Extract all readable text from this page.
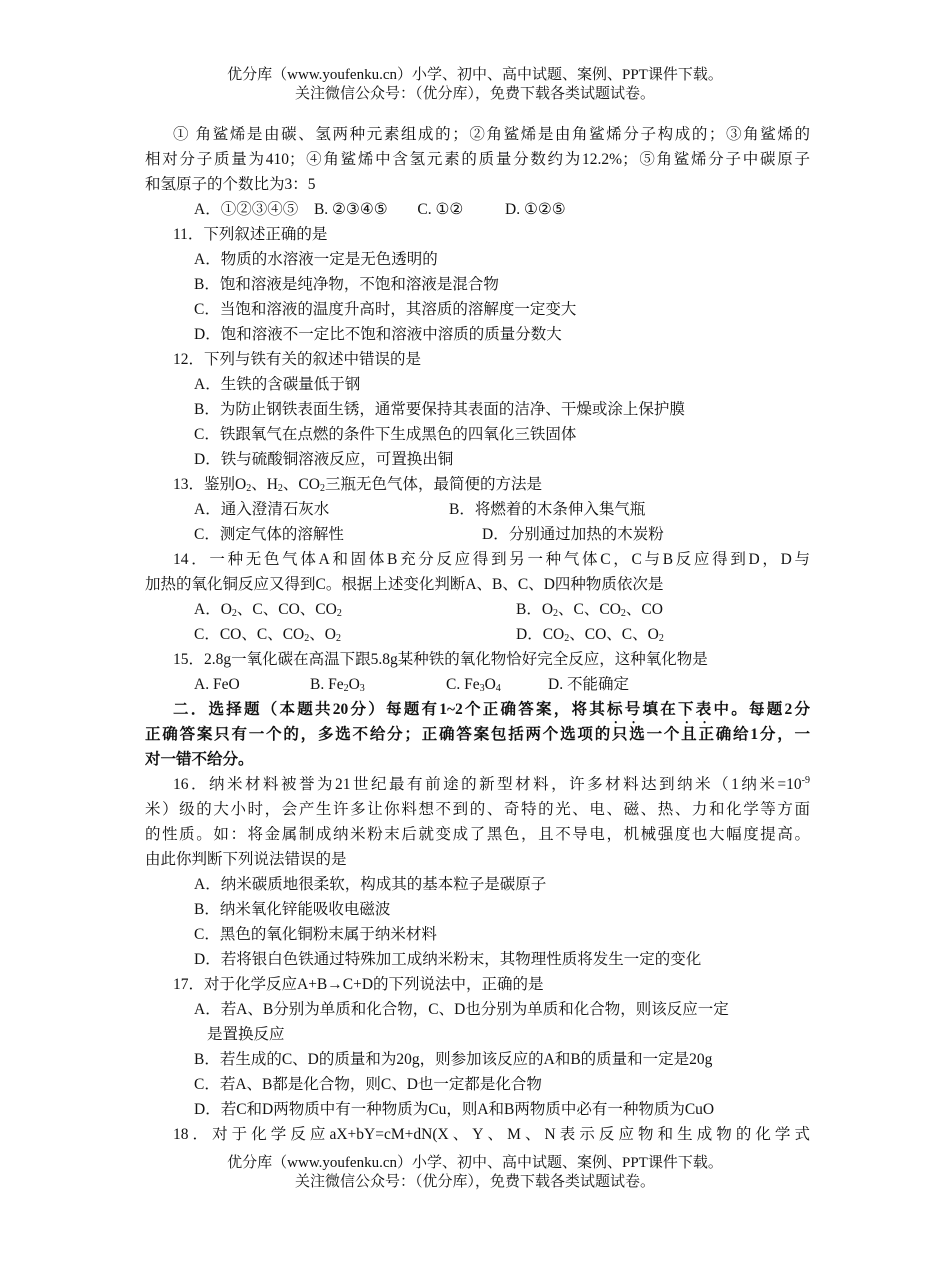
优分库（www.youfenku.cn）小学、初中、高中试题、案例、PPT课件下载。
关注微信公众号：（优分库），免费下载各类试题试卷。
① 角鲨烯是由碳、氢两种元素组成的；②角鲨烯是由角鲨烯分子构成的；③角鲨烯的
相对分子质量为410；④角鲨烯中含氢元素的质量分数约为12.2%；⑤角鲨烯分子中碳原子
和氢原子的个数比为3：5
A．①②③④⑤ B. ②③④⑤ C. ①②	D. ①②⑤
11．下列叙述正确的是
A．物质的水溶液一定是无色透明的
B．饱和溶液是纯净物，不饱和溶液是混合物
C．当饱和溶液的温度升高时，其溶质的溶解度一定变大
D．饱和溶液不一定比不饱和溶液中溶质的质量分数大
12．下列与铁有关的叙述中错误的是
A．生铁的含碳量低于钢
B．为防止钢铁表面生锈，通常要保持其表面的洁净、干燥或涂上保护膜
C．铁跟氧气在点燃的条件下生成黑色的四氧化三铁固体
D．铁与硫酸铜溶液反应，可置换出铜
13．鉴别$O_2$、$H_2$、$CO_2$三瓶无色气体，最简便的方法是
A．通入澄清石灰水	B．将燃着的木条伸入集气瓶
C．测定气体的溶解性	D．分别通过加热的木炭粉
14．一种无色气体A和固体B充分反应得到另一种气体C，C与B反应得到D，D与
加热的氧化铜反应又得到C。根据上述变化判断A、B、C、D四种物质依次是
A．$O_2$、C、CO、$CO_2$	B．$O_2$、C、$CO_2$、CO
C．CO、C、$CO_2$、$O_2$	D．$CO_2$、CO、C、$O_2$
15．2.8g一氧化碳在高温下跟5.8g某种铁的氧化物恰好完全反应，这种氧化物是
A. FeO	B. $Fe_2O_3$	C. $Fe_3O_4$	D. 不能确定
二．选择题（本题共20分）每题有1~2个正确答案，将其标号填在下表中。每题2分
正确答案只有一个的，多选不给分；正确答案包括两个选项的只选一个且正确给1分，一
对一错不给分。
16．纳米材料被誉为21世纪最有前途的新型材料，许多材料达到纳米（1纳米$=10^{-9}$
米）级的大小时，会产生许多让你料想不到的、奇特的光、电、磁、热、力和化学等方面
的性质。如：将金属制成纳米粉末后就变成了黑色，且不导电，机械强度也大幅度提高。
由此你判断下列说法错误的是
A．纳米碳质地很柔软，构成其的基本粒子是碳原子
B．纳米氧化锌能吸收电磁波
C．黑色的氧化铜粉末属于纳米材料
D．若将银白色铁通过特殊加工成纳米粉末，其物理性质将发生一定的变化
17．对于化学反应A+B→C+D的下列说法中，正确的是
A．若A、B分别为单质和化合物，C、D也分别为单质和化合物，则该反应一定
是置换反应
B．若生成的C、D的质量和为20g，则参加该反应的A和B的质量和一定是20g
C．若A、B都是化合物，则C、D也一定都是化合物
D．若C和D两物质中有一种物质为Cu，则A和B两物质中必有一种物质为CuO
18．对于化学反应aX+bY=cM+dN(X、Y、M、N表示反应物和生成物的化学式
优分库（www.youfenku.cn）小学、初中、高中试题、案例、PPT课件下载。
关注微信公众号：（优分库），免费下载各类试题试卷。
